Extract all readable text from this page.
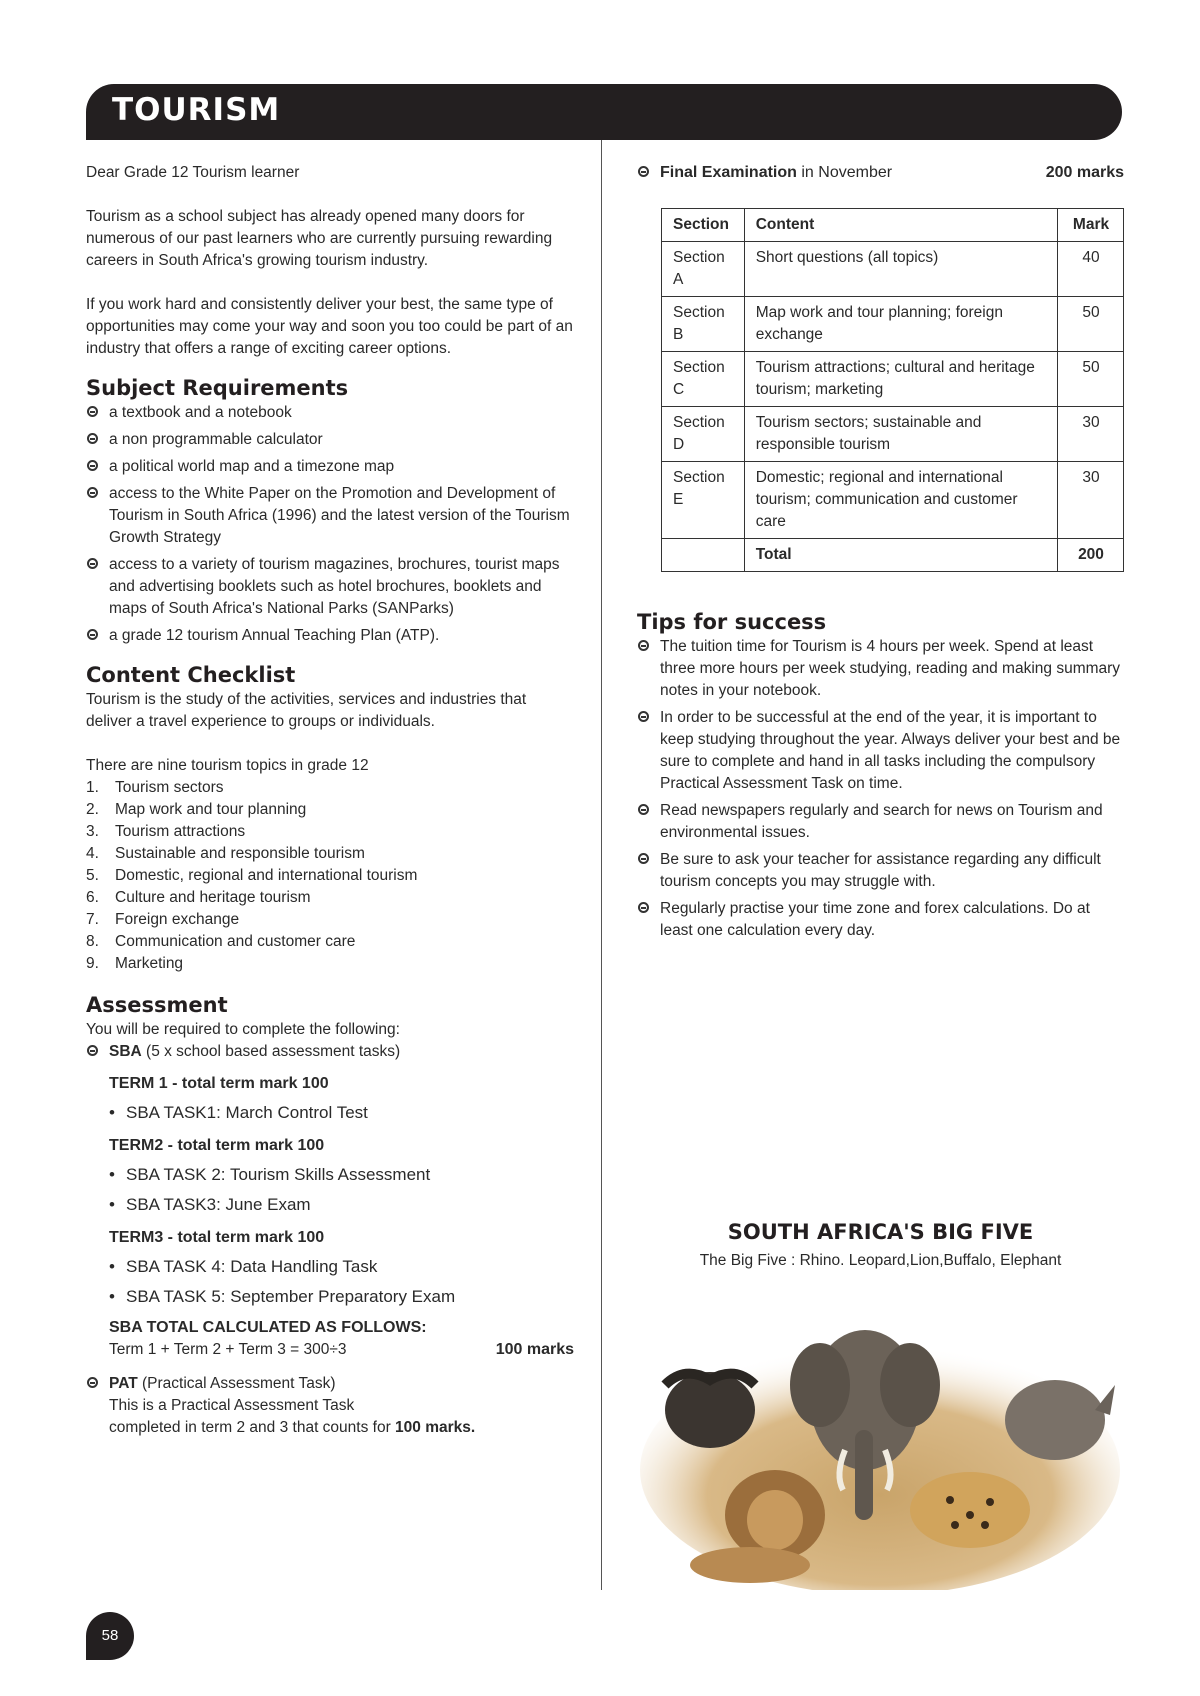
TOURISM

Dear Grade 12 Tourism learner

Tourism as a school subject has already opened many doors for numerous of our past learners who are currently pursuing rewarding careers in South Africa's growing tourism industry.

If you work hard and consistently deliver your best, the same type of opportunities may come your way and soon you too could be part of an industry that offers a range of exciting career options.

Subject Requirements
a textbook and a notebook
a non programmable calculator
a political world map and a timezone map
access to the White Paper on the Promotion and Development of Tourism in South Africa (1996) and the latest version of the Tourism Growth Strategy
access to a variety of tourism magazines, brochures, tourist maps and advertising booklets such as hotel brochures, booklets and maps of South Africa's National Parks (SANParks)
a grade 12 tourism Annual Teaching Plan (ATP).
Content Checklist

Tourism is the study of the activities, services and industries that deliver a travel experience to groups or individuals.

There are nine tourism topics in grade 12

1.	Tourism sectors
2.	Map work and tour planning
3.	Tourism attractions
4.	Sustainable and responsible tourism
5.	Domestic, regional and international tourism
6.	Culture and heritage tourism
7.	Foreign exchange
8.	Communication and customer care
9.	Marketing
Assessment

You will be required to complete the following:

SBA (5 x school based assessment tasks)
TERM 1 - total term mark 100
• SBA TASK1: March Control Test
TERM2 - total term mark 100
• SBA TASK 2: Tourism Skills Assessment
• SBA TASK3: June Exam
TERM3 - total term mark 100
• SBA TASK 4: Data Handling Task
• SBA TASK 5: September Preparatory Exam
SBA TOTAL CALCULATED AS FOLLOWS:
Term 1 + Term 2 + Term 3 = 300÷3	100 marks
PAT (Practical Assessment Task)
This is a Practical Assessment Task
completed in term 2 and 3 that counts for 100 marks.
Final Examination in November	200 marks
Section	Content	Mark
Section A	Short questions (all topics)	40
Section B	Map work and tour planning; foreign exchange	50
Section C	Tourism attractions; cultural and heritage tourism; marketing	50
Section D	Tourism sectors; sustainable and responsible tourism	30
Section E	Domestic; regional and international tourism; communication and customer care	30
	Total	200
Tips for success
The tuition time for Tourism is 4 hours per week. Spend at least three more hours per week studying, reading and making summary notes in your notebook.
In order to be successful at the end of the year, it is important to keep studying throughout the year. Always deliver your best and be sure to complete and hand in all tasks including the compulsory Practical Assessment Task on time.
Read newspapers regularly and search for news on Tourism and environmental issues.
Be sure to ask your teacher for assistance regarding any difficult tourism concepts you may struggle with.
Regularly practise your time zone and forex calculations. Do at least one calculation every day.
SOUTH AFRICA'S BIG FIVE
The Big Five : Rhino. Leopard,Lion,Buffalo, Elephant
58
